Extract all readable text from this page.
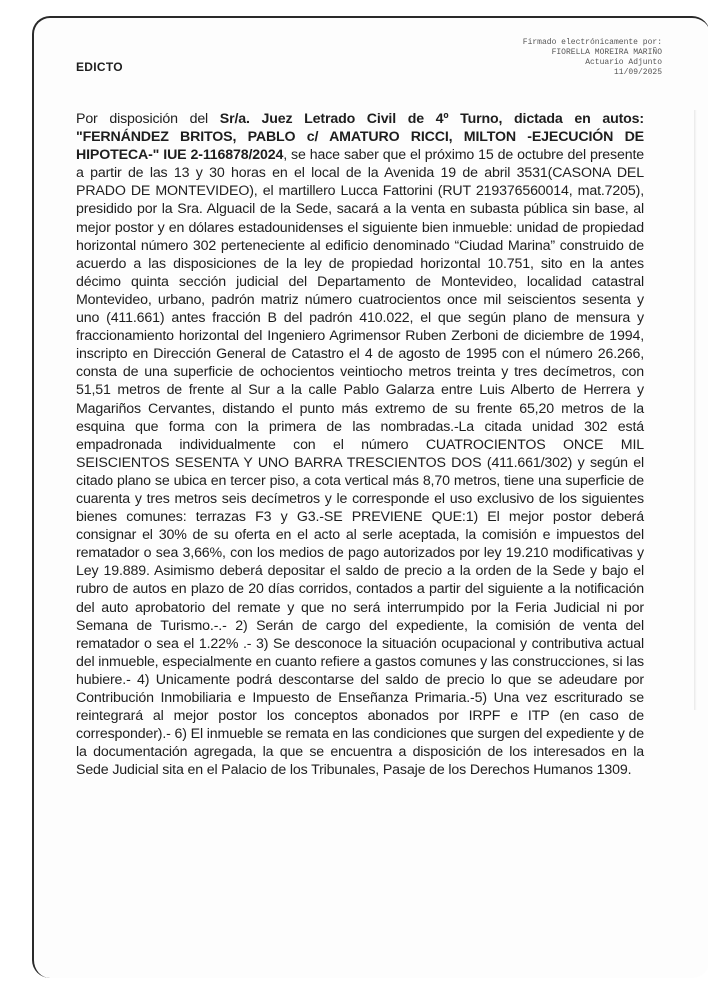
EDICTO
Firmado electrónicamente por:
FIORELLA MOREIRA MARIÑO
Actuario Adjunto
11/09/2025
Por disposición del Sr/a. Juez Letrado Civil de 4º Turno, dictada en autos: "FERNÁNDEZ BRITOS, PABLO c/ AMATURO RICCI, MILTON -EJECUCIÓN DE HIPOTECA-" IUE 2-116878/2024, se hace saber que el próximo 15 de octubre del presente a partir de las 13 y 30 horas en el local de la Avenida 19 de abril 3531(CASONA DEL PRADO DE MONTEVIDEO), el martillero Lucca Fattorini (RUT 219376560014, mat.7205), presidido por la Sra. Alguacil de la Sede, sacará a la venta en subasta pública sin base, al mejor postor y en dólares estadounidenses el siguiente bien inmueble: unidad de propiedad horizontal número 302 perteneciente al edificio denominado “Ciudad Marina” construido de acuerdo a las disposiciones de la ley de propiedad horizontal 10.751, sito en la antes décimo quinta sección judicial del Departamento de Montevideo, localidad catastral Montevideo, urbano, padrón matriz número cuatrocientos once mil seiscientos sesenta y uno (411.661) antes fracción B del padrón 410.022, el que según plano de mensura y fraccionamiento horizontal del Ingeniero Agrimensor Ruben Zerboni de diciembre de 1994, inscripto en Dirección General de Catastro el 4 de agosto de 1995 con el número 26.266, consta de una superficie de ochocientos veintiocho metros treinta y tres decímetros, con 51,51 metros de frente al Sur a la calle Pablo Galarza entre Luis Alberto de Herrera y Magariños Cervantes, distando el punto más extremo de su frente 65,20 metros de la esquina que forma con la primera de las nombradas.-La citada unidad 302 está empadronada individualmente con el número CUATROCIENTOS ONCE MIL SEISCIENTOS SESENTA Y UNO BARRA TRESCIENTOS DOS (411.661/302) y según el citado plano se ubica en tercer piso, a cota vertical más 8,70 metros, tiene una superficie de cuarenta y tres metros seis decímetros y le corresponde el uso exclusivo de los siguientes bienes comunes: terrazas F3 y G3.-SE PREVIENE QUE:1) El mejor postor deberá consignar el 30% de su oferta en el acto al serle aceptada, la comisión e impuestos del rematador o sea 3,66%, con los medios de pago autorizados por ley 19.210 modificativas y Ley 19.889. Asimismo deberá depositar el saldo de precio a la orden de la Sede y bajo el rubro de autos en plazo de 20 días corridos, contados a partir del siguiente a la notificación del auto aprobatorio del remate y que no será interrumpido por la Feria Judicial ni por Semana de Turismo.-.- 2) Serán de cargo del expediente, la comisión de venta del rematador o sea el 1.22% .- 3) Se desconoce la situación ocupacional y contributiva actual del inmueble, especialmente en cuanto refiere a gastos comunes y las construcciones, si las hubiere.- 4) Unicamente podrá descontarse del saldo de precio lo que se adeudare por Contribución Inmobiliaria e Impuesto de Enseñanza Primaria.-5) Una vez escriturado se reintegrará al mejor postor los conceptos abonados por IRPF e ITP (en caso de corresponder).- 6) El inmueble se remata en las condiciones que surgen del expediente y de la documentación agregada, la que se encuentra a disposición de los interesados en la Sede Judicial sita en el Palacio de los Tribunales, Pasaje de los Derechos Humanos 1309.
